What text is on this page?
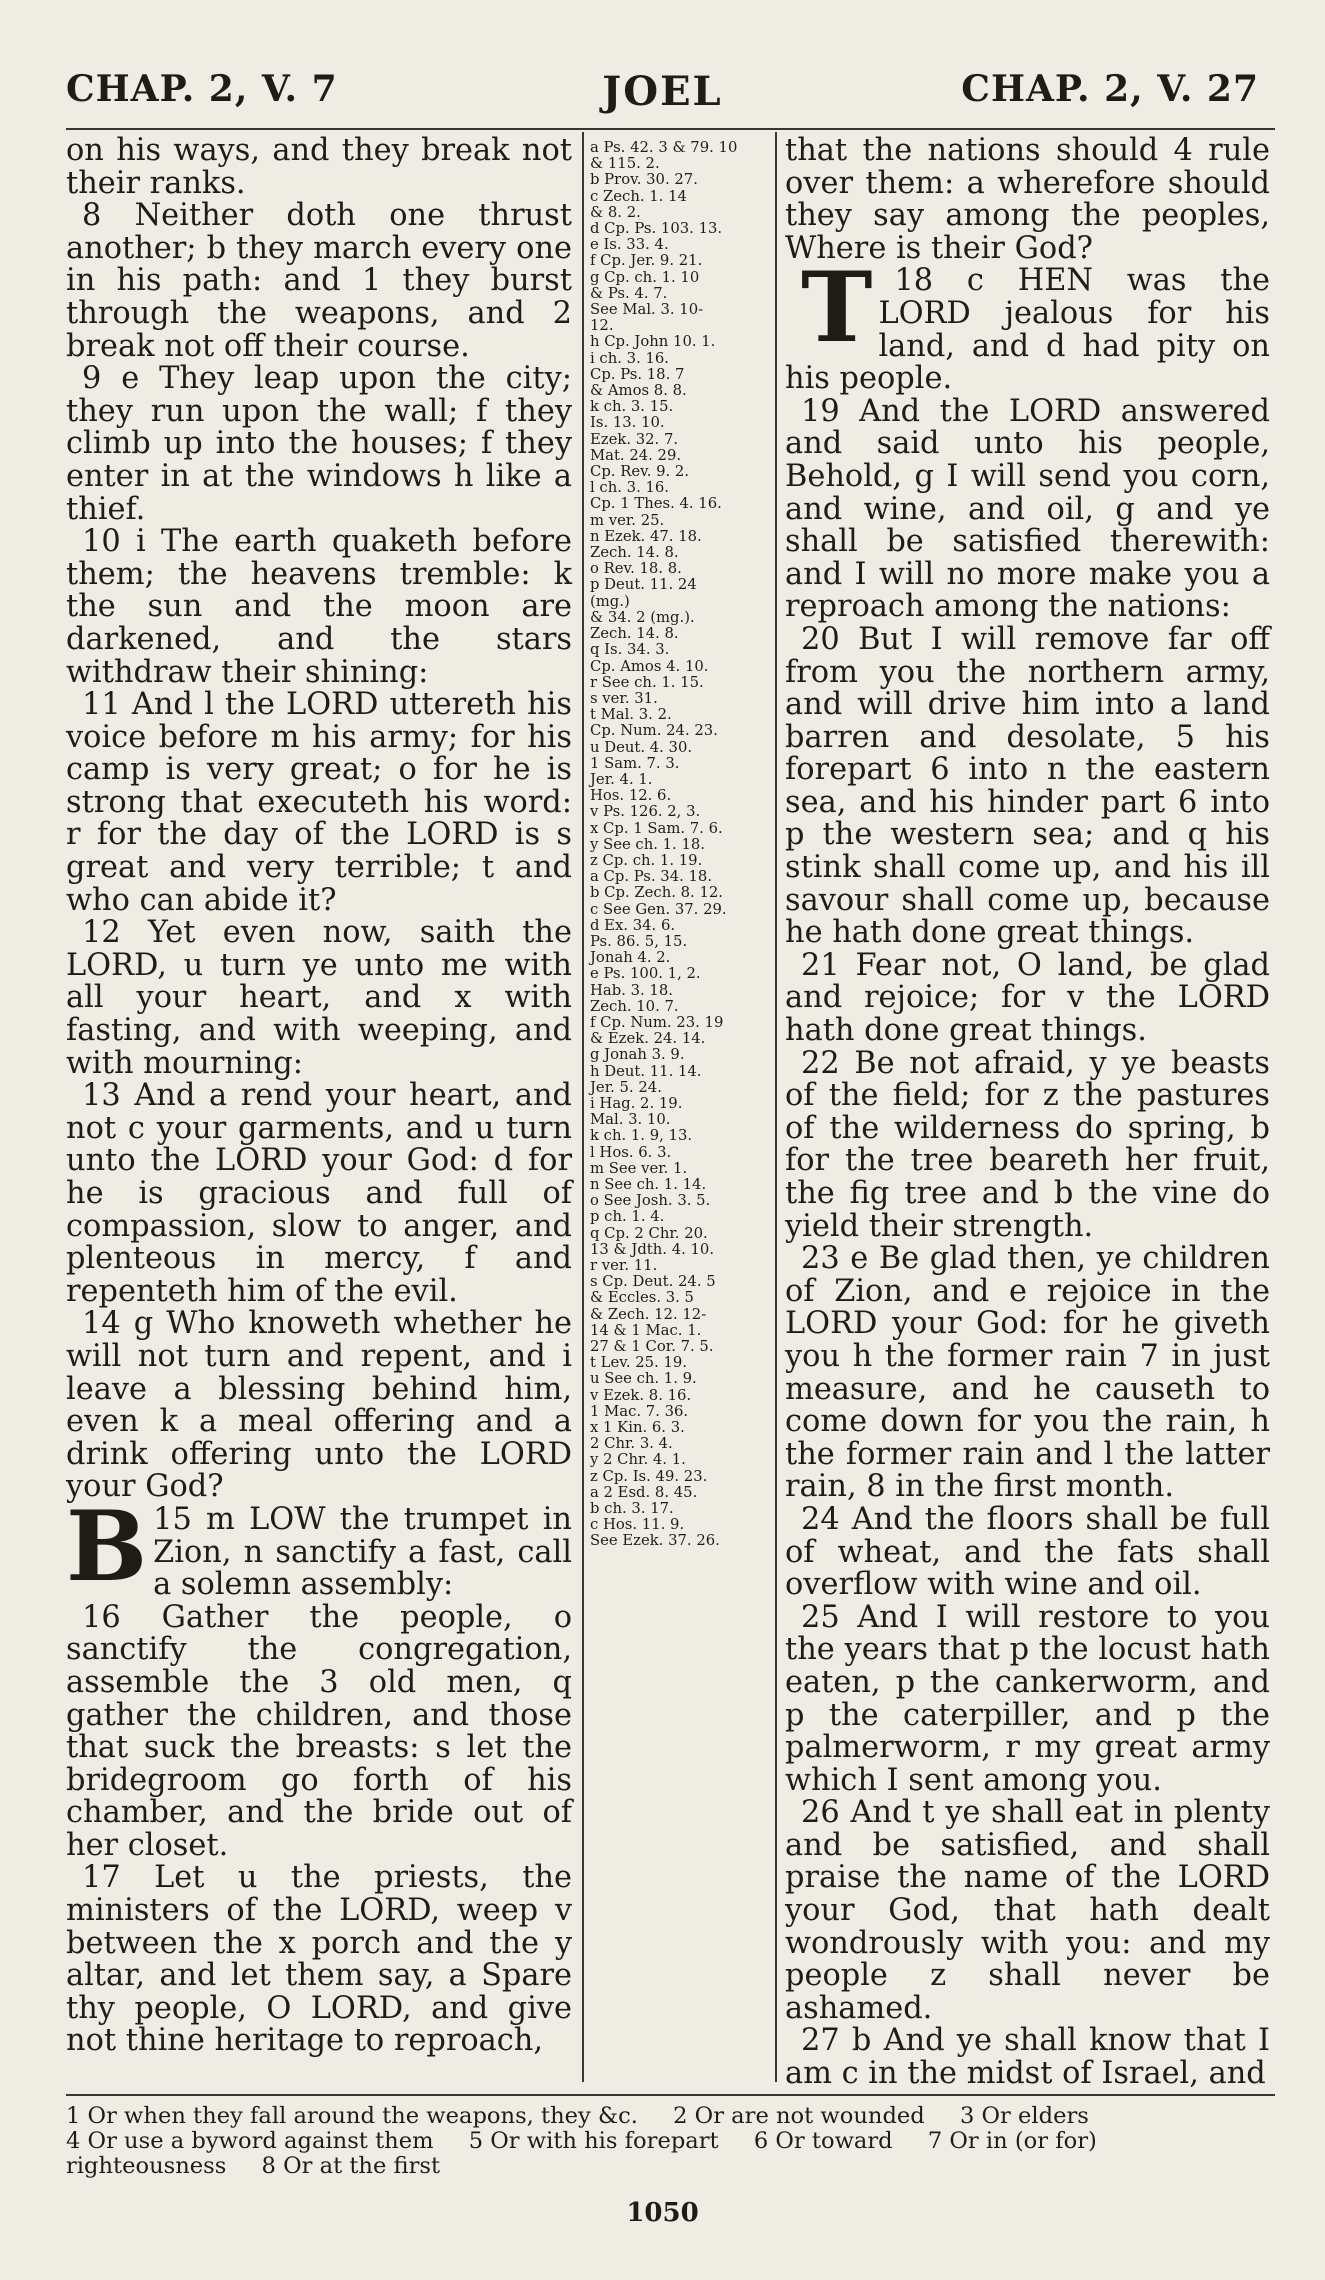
CHAP. 2, V. 7	JOEL	CHAP. 2, V. 27

on his ways, and they break not their ranks.

8 Neither doth one thrust another; b they march every one in his path: and 1 they burst through the weapons, and 2 break not off their course.

9 e They leap upon the city; they run upon the wall; f they climb up into the houses; f they enter in at the windows h like a thief.

10 i The earth quaketh before them; the heavens tremble: k the sun and the moon are darkened, and the stars withdraw their shining:

11 And l the LORD uttereth his voice before m his army; for his camp is very great; o for he is strong that executeth his word: r for the day of the LORD is s great and very terrible; t and who can abide it?

12 Yet even now, saith the LORD, u turn ye unto me with all your heart, and x with fasting, and with weeping, and with mourning:

13 And a rend your heart, and not c your garments, and u turn unto the LORD your God: d for he is gracious and full of compassion, slow to anger, and plenteous in mercy, f and repenteth him of the evil.

14 g Who knoweth whether he will not turn and repent, and i leave a blessing behind him, even k a meal offering and a drink offering unto the LORD your God?

15 m
B	LOW the trumpet in Zion, n sanctify a fast, call a solemn assembly:

16 Gather the people, o sanctify the congregation, assemble the 3 old men, q gather the children, and those that suck the breasts: s let the bridegroom go forth of his chamber, and the bride out of her closet.

17 Let u the priests, the ministers of the LORD, weep v between the x porch and the y altar, and let them say, a Spare thy people, O LORD, and give not thine heritage to reproach,

a Ps. 42. 3 & 79. 10
& 115. 2.
b Prov. 30. 27.
c Zech. 1. 14
& 8. 2.
d Cp. Ps. 103. 13.
e Is. 33. 4.
f Cp. Jer. 9. 21.
g Cp. ch. 1. 10
& Ps. 4. 7.
See Mal. 3. 10-
12.
h Cp. John 10. 1.
i ch. 3. 16.
Cp. Ps. 18. 7
& Amos 8. 8.
k ch. 3. 15.
Is. 13. 10.
Ezek. 32. 7.
Mat. 24. 29.
Cp. Rev. 9. 2.
l ch. 3. 16.
Cp. 1 Thes. 4. 16.
m ver. 25.
n Ezek. 47. 18.
Zech. 14. 8.
o Rev. 18. 8.
p Deut. 11. 24
(mg.)
& 34. 2 (mg.).
Zech. 14. 8.
q Is. 34. 3.
Cp. Amos 4. 10.
r See ch. 1. 15.
s ver. 31.
t Mal. 3. 2.
Cp. Num. 24. 23.
u Deut. 4. 30.
1 Sam. 7. 3.
Jer. 4. 1.
Hos. 12. 6.
v Ps. 126. 2, 3.
x Cp. 1 Sam. 7. 6.
y See ch. 1. 18.
z Cp. ch. 1. 19.
a Cp. Ps. 34. 18.
b Cp. Zech. 8. 12.
c See Gen. 37. 29.
d Ex. 34. 6.
Ps. 86. 5, 15.
Jonah 4. 2.
e Ps. 100. 1, 2.
Hab. 3. 18.
Zech. 10. 7.
f Cp. Num. 23. 19
& Ezek. 24. 14.
g Jonah 3. 9.
h Deut. 11. 14.
Jer. 5. 24.
i Hag. 2. 19.
Mal. 3. 10.
k ch. 1. 9, 13.
l Hos. 6. 3.
m See ver. 1.
n See ch. 1. 14.
o See Josh. 3. 5.
p ch. 1. 4.
q Cp. 2 Chr. 20.
13 & Jdth. 4. 10.
r ver. 11.
s Cp. Deut. 24. 5
& Eccles. 3. 5
& Zech. 12. 12-
14 & 1 Mac. 1.
27 & 1 Cor. 7. 5.
t Lev. 25. 19.
u See ch. 1. 9.
v Ezek. 8. 16.
1 Mac. 7. 36.
x 1 Kin. 6. 3.
2 Chr. 3. 4.
y 2 Chr. 4. 1.
z Cp. Is. 49. 23.
a 2 Esd. 8. 45.
b ch. 3. 17.
c Hos. 11. 9.
See Ezek. 37. 26.

that the nations should 4 rule over them: a wherefore should they say among the peoples, Where is their God?

18 c
T	HEN was the LORD jealous for his land, and d had pity on his people.

19 And the LORD answered and said unto his people, Behold, g I will send you corn, and wine, and oil, g and ye shall be satisfied therewith: and I will no more make you a reproach among the nations:

20 But I will remove far off from you the northern army, and will drive him into a land barren and desolate, 5 his forepart 6 into n the eastern sea, and his hinder part 6 into p the western sea; and q his stink shall come up, and his ill savour shall come up, because he hath done great things.

21 Fear not, O land, be glad and rejoice; for v the LORD hath done great things.

22 Be not afraid, y ye beasts of the field; for z the pastures of the wilderness do spring, b for the tree beareth her fruit, the fig tree and b the vine do yield their strength.

23 e Be glad then, ye children of Zion, and e rejoice in the LORD your God: for he giveth you h the former rain 7 in just measure, and he causeth to come down for you the rain, h the former rain and l the latter rain, 8 in the first month.

24 And the floors shall be full of wheat, and the fats shall overflow with wine and oil.

25 And I will restore to you the years that p the locust hath eaten, p the cankerworm, and p the caterpiller, and p the palmerworm, r my great army which I sent among you.

26 And t ye shall eat in plenty and be satisfied, and shall praise the name of the LORD your God, that hath dealt wondrously with you: and my people z shall never be ashamed.

27 b And ye shall know that I am c in the midst of Israel, and

1 Or when they fall around the weapons, they &c. 2 Or are not wounded 3 Or elders
4 Or use a byword against them 5 Or with his forepart 6 Or toward 7 Or in (or for)
righteousness 8 Or at the first
1050
